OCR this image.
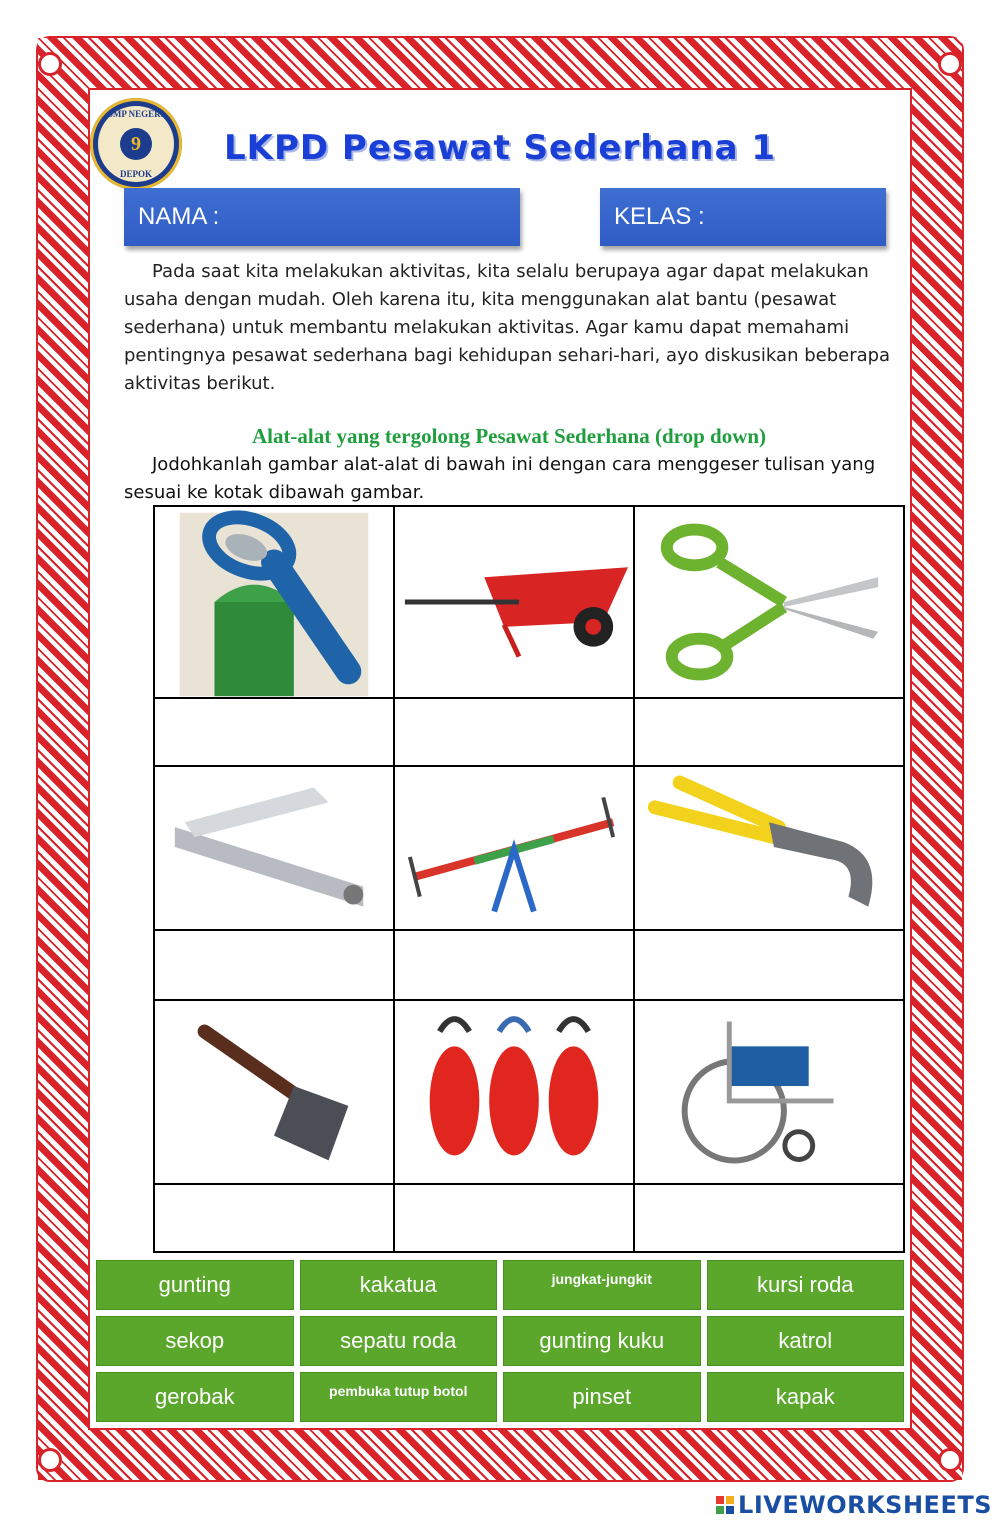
SMP NEGERI
9
DEPOK
LKPD Pesawat Sederhana 1
NAMA :	KELAS :
Pada saat kita melakukan aktivitas, kita selalu berupaya agar dapat melakukan usaha dengan mudah. Oleh karena itu, kita menggunakan alat bantu (pesawat sederhana) untuk membantu melakukan aktivitas. Agar kamu dapat memahami pentingnya pesawat sederhana bagi kehidupan sehari-hari, ayo diskusikan beberapa aktivitas berikut.
Alat-alat yang tergolong Pesawat Sederhana (drop down)
Jodohkanlah gambar alat-alat di bawah ini dengan cara menggeser tulisan yang sesuai ke kotak dibawah gambar.

gunting	kakatua	jungkat-jungkit	kursi roda
sekop	sepatu roda	gunting kuku	katrol
gerobak	pembuka tutup botol	pinset	kapak
LIVEWORKSHEETS
